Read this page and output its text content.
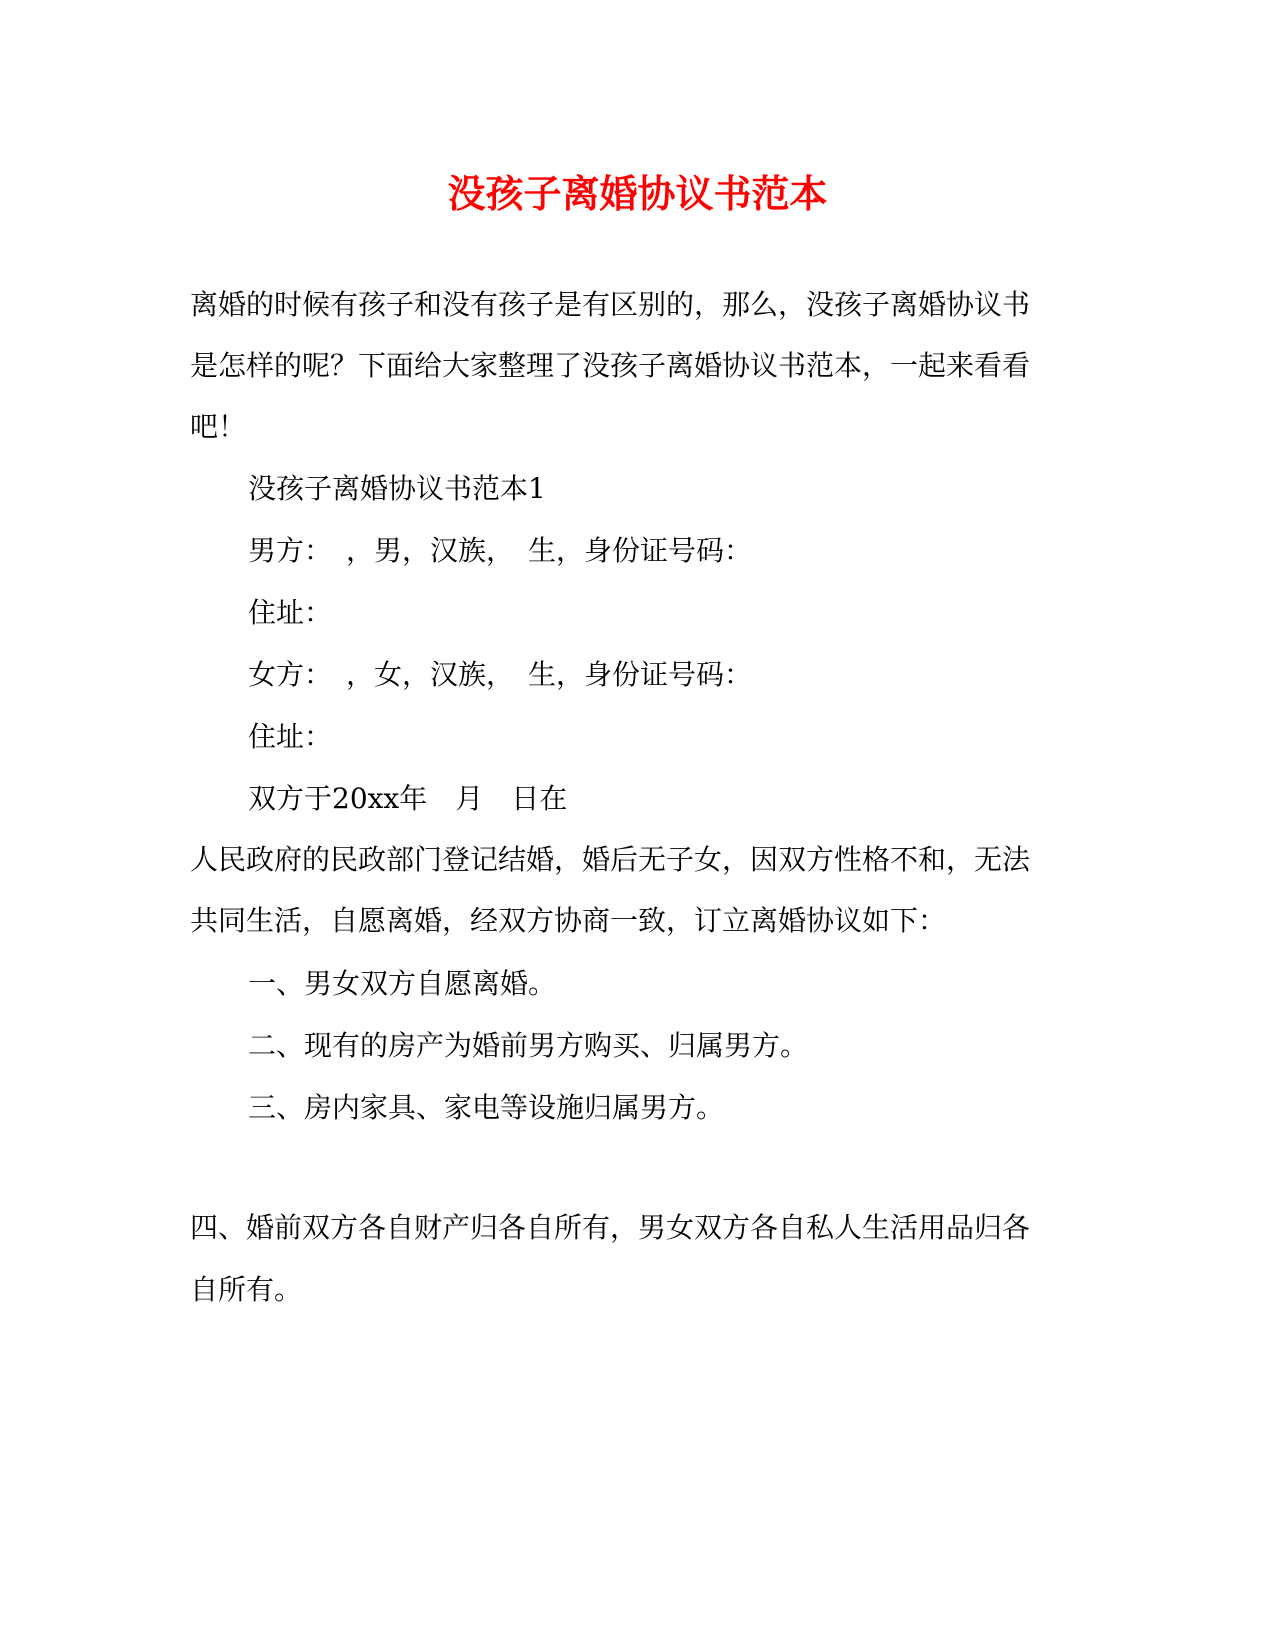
没孩子离婚协议书范本
离婚的时候有孩子和没有孩子是有区别的，那么，没孩子离婚协议书
是怎样的呢？下面给大家整理了没孩子离婚协议书范本，一起来看看
吧！
没孩子离婚协议书范本1
男方：　，男，汉族，　生，身份证号码：
住址：
女方：　，女，汉族，　生，身份证号码：
住址：
双方于20xx年　月　日在
人民政府的民政部门登记结婚，婚后无子女，因双方性格不和，无法
共同生活，自愿离婚，经双方协商一致，订立离婚协议如下：
一、男女双方自愿离婚。
二、现有的房产为婚前男方购买、归属男方。
三、房内家具、家电等设施归属男方。
四、婚前双方各自财产归各自所有，男女双方各自私人生活用品归各
自所有。
